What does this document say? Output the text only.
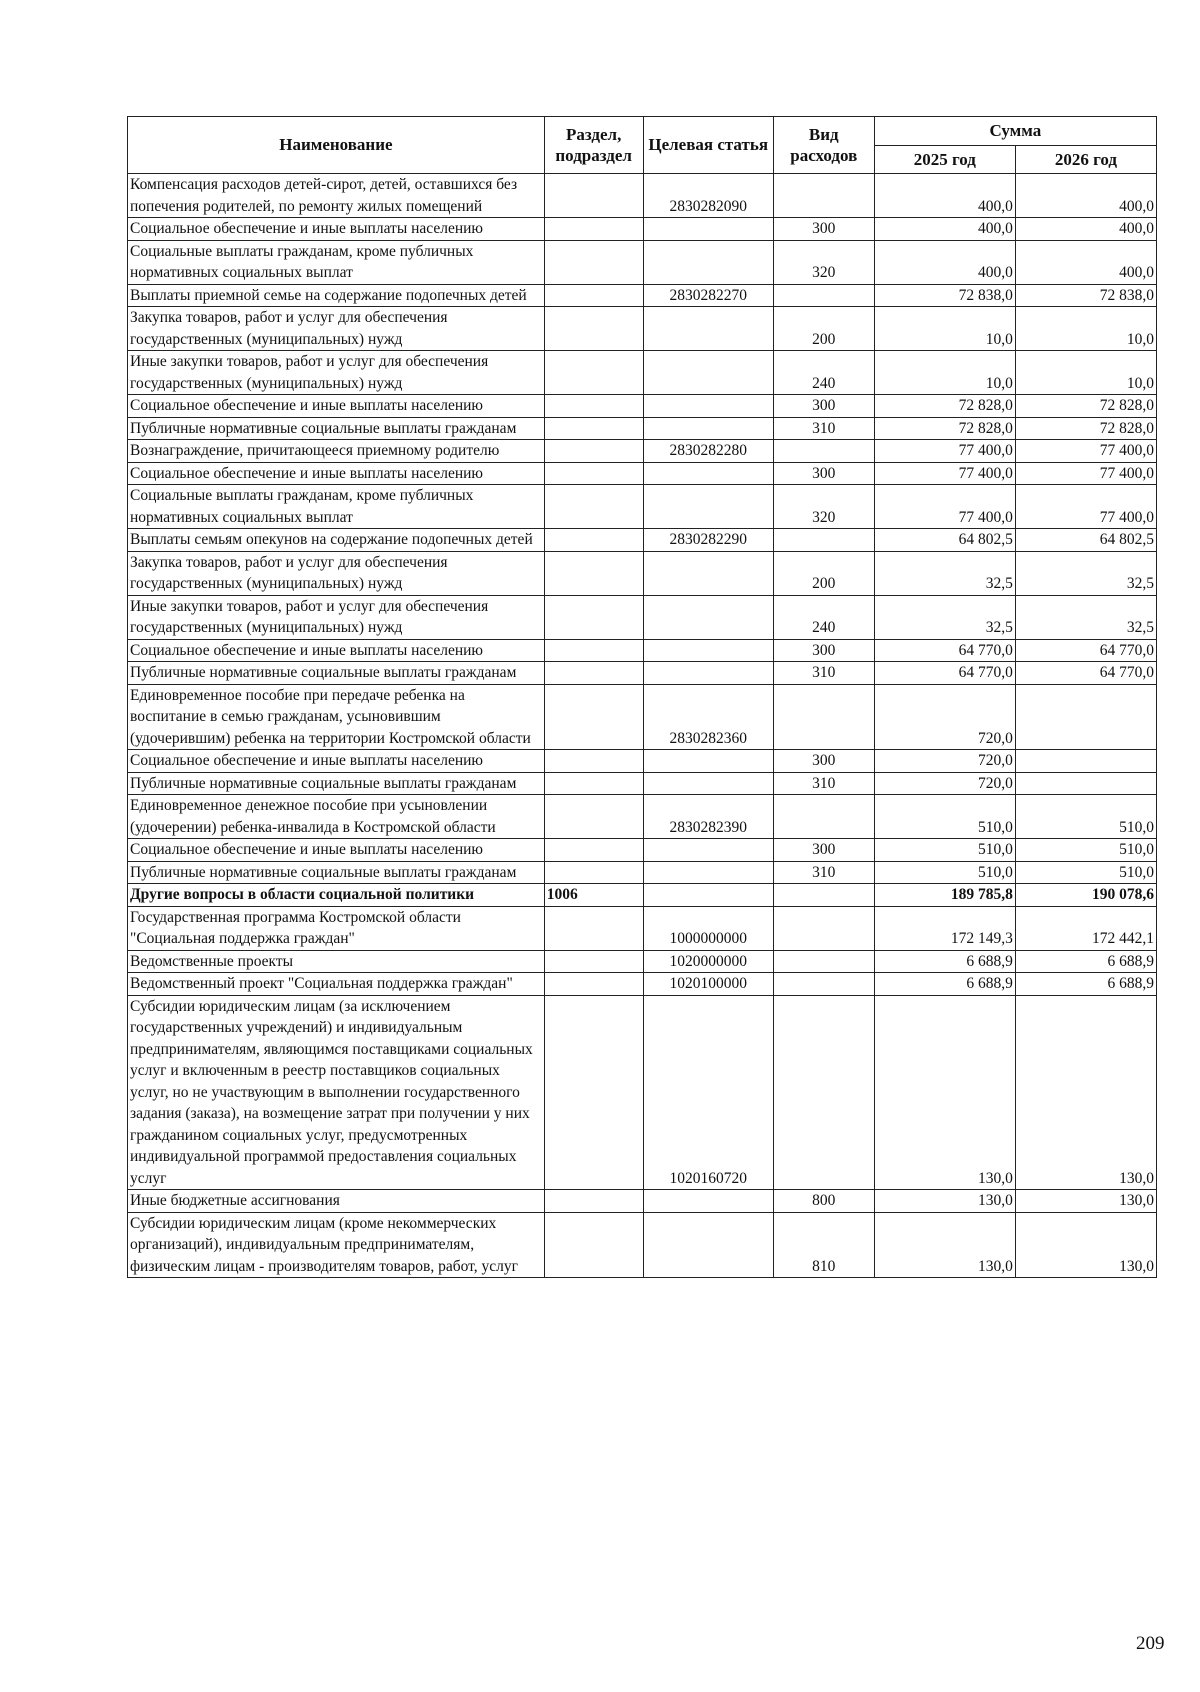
Наименование	Раздел, подраздел	Целевая статья	Вид расходов	Сумма	
				2025 год	2026 год
Компенсация расходов детей-сирот, детей, оставшихся без попечения родителей, по ремонту жилых помещений		2830282090		400,0	400,0
Социальное обеспечение и иные выплаты населению			300	400,0	400,0
Социальные выплаты гражданам, кроме публичных нормативных социальных выплат			320	400,0	400,0
Выплаты приемной семье на содержание подопечных детей		2830282270		72 838,0	72 838,0
Закупка товаров, работ и услуг для обеспечения государственных (муниципальных) нужд			200	10,0	10,0
Иные закупки товаров, работ и услуг для обеспечения государственных (муниципальных) нужд			240	10,0	10,0
Социальное обеспечение и иные выплаты населению			300	72 828,0	72 828,0
Публичные нормативные социальные выплаты гражданам			310	72 828,0	72 828,0
Вознаграждение, причитающееся приемному родителю		2830282280		77 400,0	77 400,0
Социальное обеспечение и иные выплаты населению			300	77 400,0	77 400,0
Социальные выплаты гражданам, кроме публичных нормативных социальных выплат			320	77 400,0	77 400,0
Выплаты семьям опекунов на содержание подопечных детей		2830282290		64 802,5	64 802,5
Закупка товаров, работ и услуг для обеспечения государственных (муниципальных) нужд			200	32,5	32,5
Иные закупки товаров, работ и услуг для обеспечения государственных (муниципальных) нужд			240	32,5	32,5
Социальное обеспечение и иные выплаты населению			300	64 770,0	64 770,0
Публичные нормативные социальные выплаты гражданам			310	64 770,0	64 770,0
Единовременное пособие при передаче ребенка на воспитание в семью гражданам, усыновившим (удочерившим) ребенка на территории Костромской области		2830282360		720,0	
Социальное обеспечение и иные выплаты населению			300	720,0	
Публичные нормативные социальные выплаты гражданам			310	720,0	
Единовременное денежное пособие при усыновлении (удочерении) ребенка-инвалида в Костромской области		2830282390		510,0	510,0
Социальное обеспечение и иные выплаты населению			300	510,0	510,0
Публичные нормативные социальные выплаты гражданам			310	510,0	510,0
Другие вопросы в области социальной политики	1006			189 785,8	190 078,6
Государственная программа Костромской области "Социальная поддержка граждан"		1000000000		172 149,3	172 442,1
Ведомственные проекты		1020000000		6 688,9	6 688,9
Ведомственный проект "Социальная поддержка граждан"		1020100000		6 688,9	6 688,9
Субсидии юридическим лицам (за исключением государственных учреждений) и индивидуальным предпринимателям, являющимся поставщиками социальных услуг и включенным в реестр поставщиков социальных услуг, но не участвующим в выполнении государственного задания (заказа), на возмещение затрат при получении у них гражданином социальных услуг, предусмотренных индивидуальной программой предоставления социальных услуг		1020160720		130,0	130,0
Иные бюджетные ассигнования			800	130,0	130,0
Субсидии юридическим лицам (кроме некоммерческих организаций), индивидуальным предпринимателям, физическим лицам - производителям товаров, работ, услуг			810	130,0	130,0
209
